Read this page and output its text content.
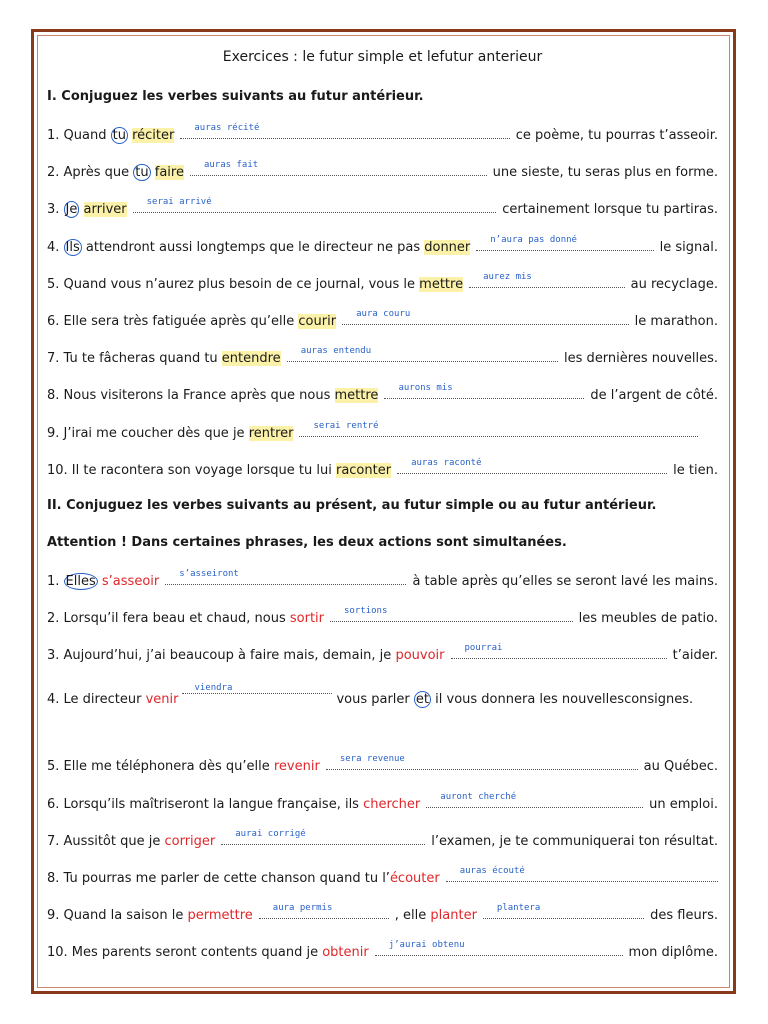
Exercices : le futur simple et lefutur anterieur
I. Conjuguez les verbes suivants au futur antérieur.
1. Quand tu réciter auras récité	ce poème, tu pourras t’asseoir.
2. Après que tu faire auras fait	une sieste, tu seras plus en forme.
3. Je arriver serai arrivé	certainement lorsque tu partiras.
4. Ils attendront aussi longtemps que le directeur ne pas donner n’aura pas donné	le signal.
5. Quand vous n’aurez plus besoin de ce journal, vous le mettre aurez mis	au recyclage.
6. Elle sera très fatiguée après qu’elle courir aura couru	le marathon.
7. Tu te fâcheras quand tu entendre auras entendu	les dernières nouvelles.
8. Nous visiterons la France après que nous mettre aurons mis	de l’argent de côté.
9. J’irai me coucher dès que je rentrer serai rentré
10. Il te racontera son voyage lorsque tu lui raconter auras raconté	le tien.
II. Conjuguez les verbes suivants au présent, au futur simple ou au futur antérieur.
Attention ! Dans certaines phrases, les deux actions sont simultanées.
1. Elles s’asseoir s’asseiront	à table après qu’elles se seront lavé les mains.
2. Lorsqu’il fera beau et chaud, nous sortir sortions	les meubles de patio.
3. Aujourd’hui, j’ai beaucoup à faire mais, demain, je pouvoir pourrai	t’aider.
4. Le directeur venir
viendra
vous parler et il vous donnera les nouvelles consignes.
5. Elle me téléphonera dès qu’elle revenir sera revenue	au Québec.
6. Lorsqu’ils maîtriseront la langue française, ils chercher auront cherché	un emploi.
7. Aussitôt que je corriger aurai corrigé	l’examen, je te communiquerai ton résultat.
8. Tu pourras me parler de cette chanson quand tu l’écouter auras écouté
9. Quand la saison le permettre aura permis	, elle planter plantera	des fleurs.
10. Mes parents seront contents quand je obtenir j’aurai obtenu	mon diplôme.
